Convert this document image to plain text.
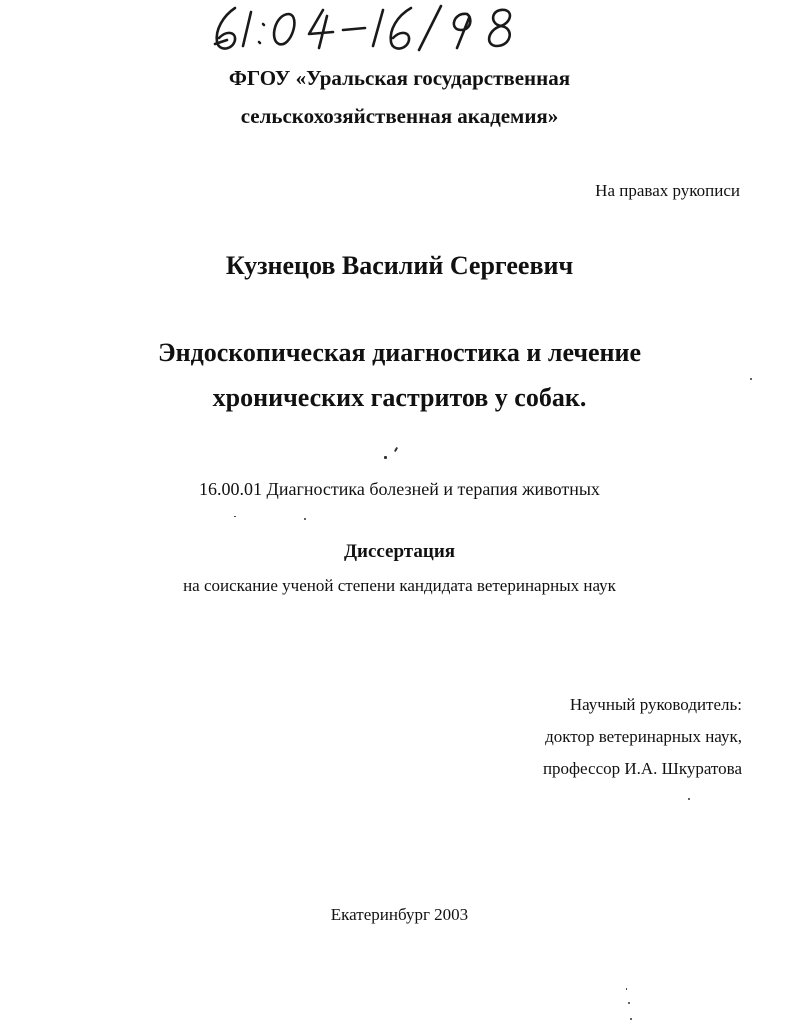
ФГОУ «Уральская государственная
сельскохозяйственная академия»
На правах рукописи
Кузнецов Василий Сергеевич
Эндоскопическая диагностика и лечение
хронических гастритов у собак.
16.00.01 Диагностика болезней и терапия животных
Диссертация
на соискание ученой степени кандидата ветеринарных наук
Научный руководитель:
доктор ветеринарных наук,
профессор И.А. Шкуратова
Екатеринбург 2003
